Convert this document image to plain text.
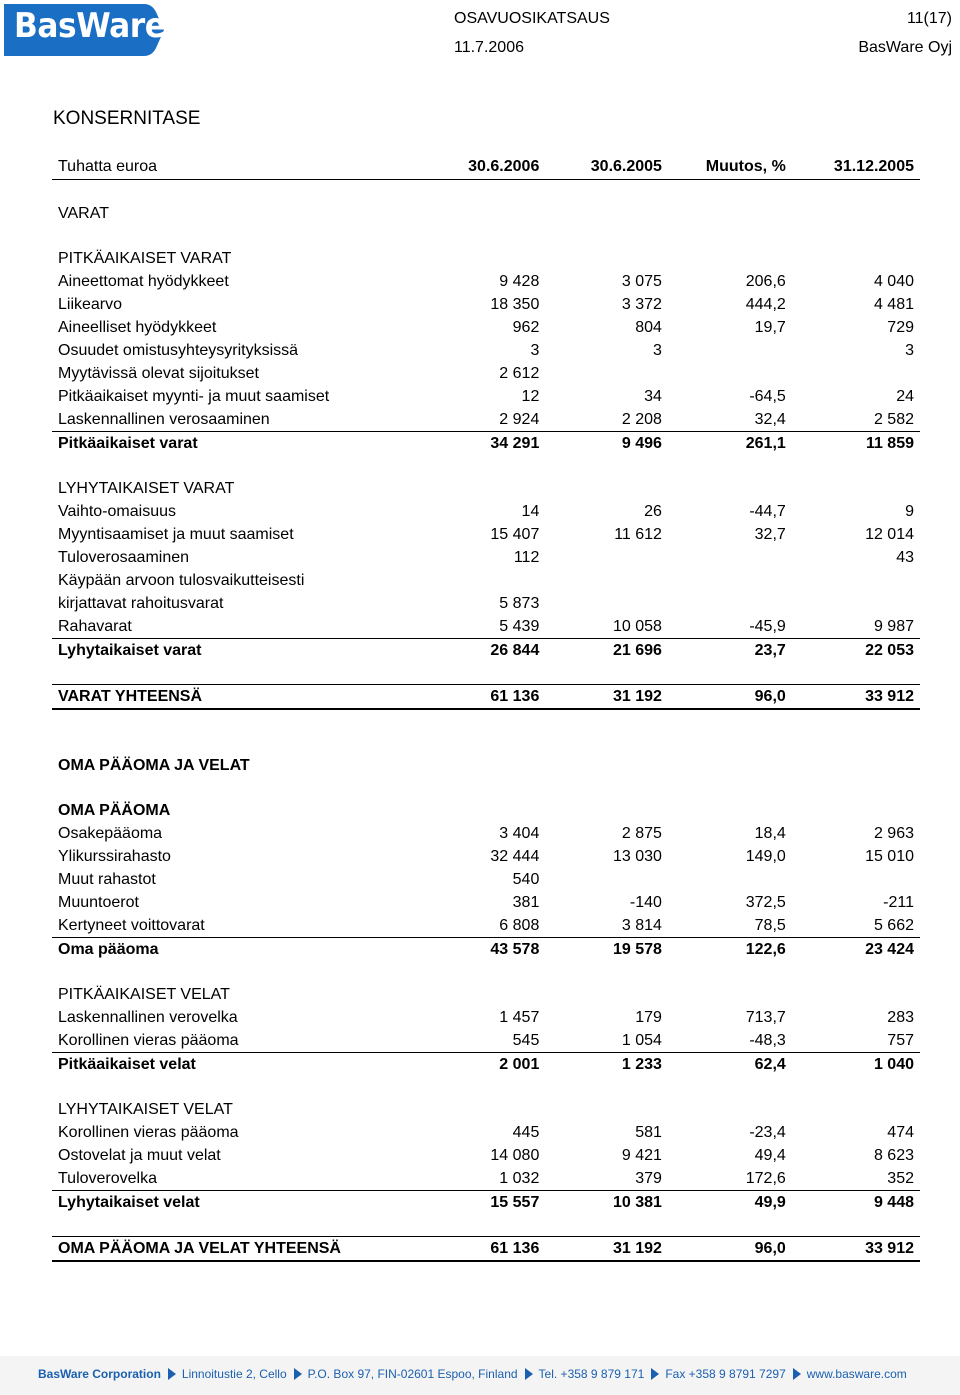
BasWare	OSAVUOSIKATSAUS	11(17)
11.7.2006	BasWare Oyj
KONSERNITASE
Tuhatta euroa	30.6.2006	30.6.2005	Muutos, %	31.12.2005

VARAT				

PITKÄAIKAISET VARAT				
Aineettomat hyödykkeet	9 428	3 075	206,6	4 040
Liikearvo	18 350	3 372	444,2	4 481
Aineelliset hyödykkeet	962	804	19,7	729
Osuudet omistusyhteysyrityksissä	3	3		3
Myytävissä olevat sijoitukset	2 612			
Pitkäaikaiset myynti- ja muut saamiset	12	34	-64,5	24
Laskennallinen verosaaminen	2 924	2 208	32,4	2 582
Pitkäaikaiset varat	34 291	9 496	261,1	11 859

LYHYTAIKAISET VARAT				
Vaihto-omaisuus	14	26	-44,7	9
Myyntisaamiset ja muut saamiset	15 407	11 612	32,7	12 014
Tuloverosaaminen	112			43
Käypään arvoon tulosvaikutteisesti				
kirjattavat rahoitusvarat	5 873			
Rahavarat	5 439	10 058	-45,9	9 987
Lyhytaikaiset varat	26 844	21 696	23,7	22 053

VARAT YHTEENSÄ	61 136	31 192	96,0	33 912

OMA PÄÄOMA JA VELAT				

OMA PÄÄOMA				
Osakepääoma	3 404	2 875	18,4	2 963
Ylikurssirahasto	32 444	13 030	149,0	15 010
Muut rahastot	540			
Muuntoerot	381	-140	372,5	-211
Kertyneet voittovarat	6 808	3 814	78,5	5 662
Oma pääoma	43 578	19 578	122,6	23 424

PITKÄAIKAISET VELAT				
Laskennallinen verovelka	1 457	179	713,7	283
Korollinen vieras pääoma	545	1 054	-48,3	757
Pitkäaikaiset velat	2 001	1 233	62,4	1 040

LYHYTAIKAISET VELAT				
Korollinen vieras pääoma	445	581	-23,4	474
Ostovelat ja muut velat	14 080	9 421	49,4	8 623
Tuloverovelka	1 032	379	172,6	352
Lyhytaikaiset velat	15 557	10 381	49,9	9 448

OMA PÄÄOMA JA VELAT YHTEENSÄ	61 136	31 192	96,0	33 912
BasWare Corporation Linnoitustie 2, Cello P.O. Box 97, FIN-02601 Espoo, Finland Tel. +358 9 879 171 Fax +358 9 8791 7297 www.basware.com
